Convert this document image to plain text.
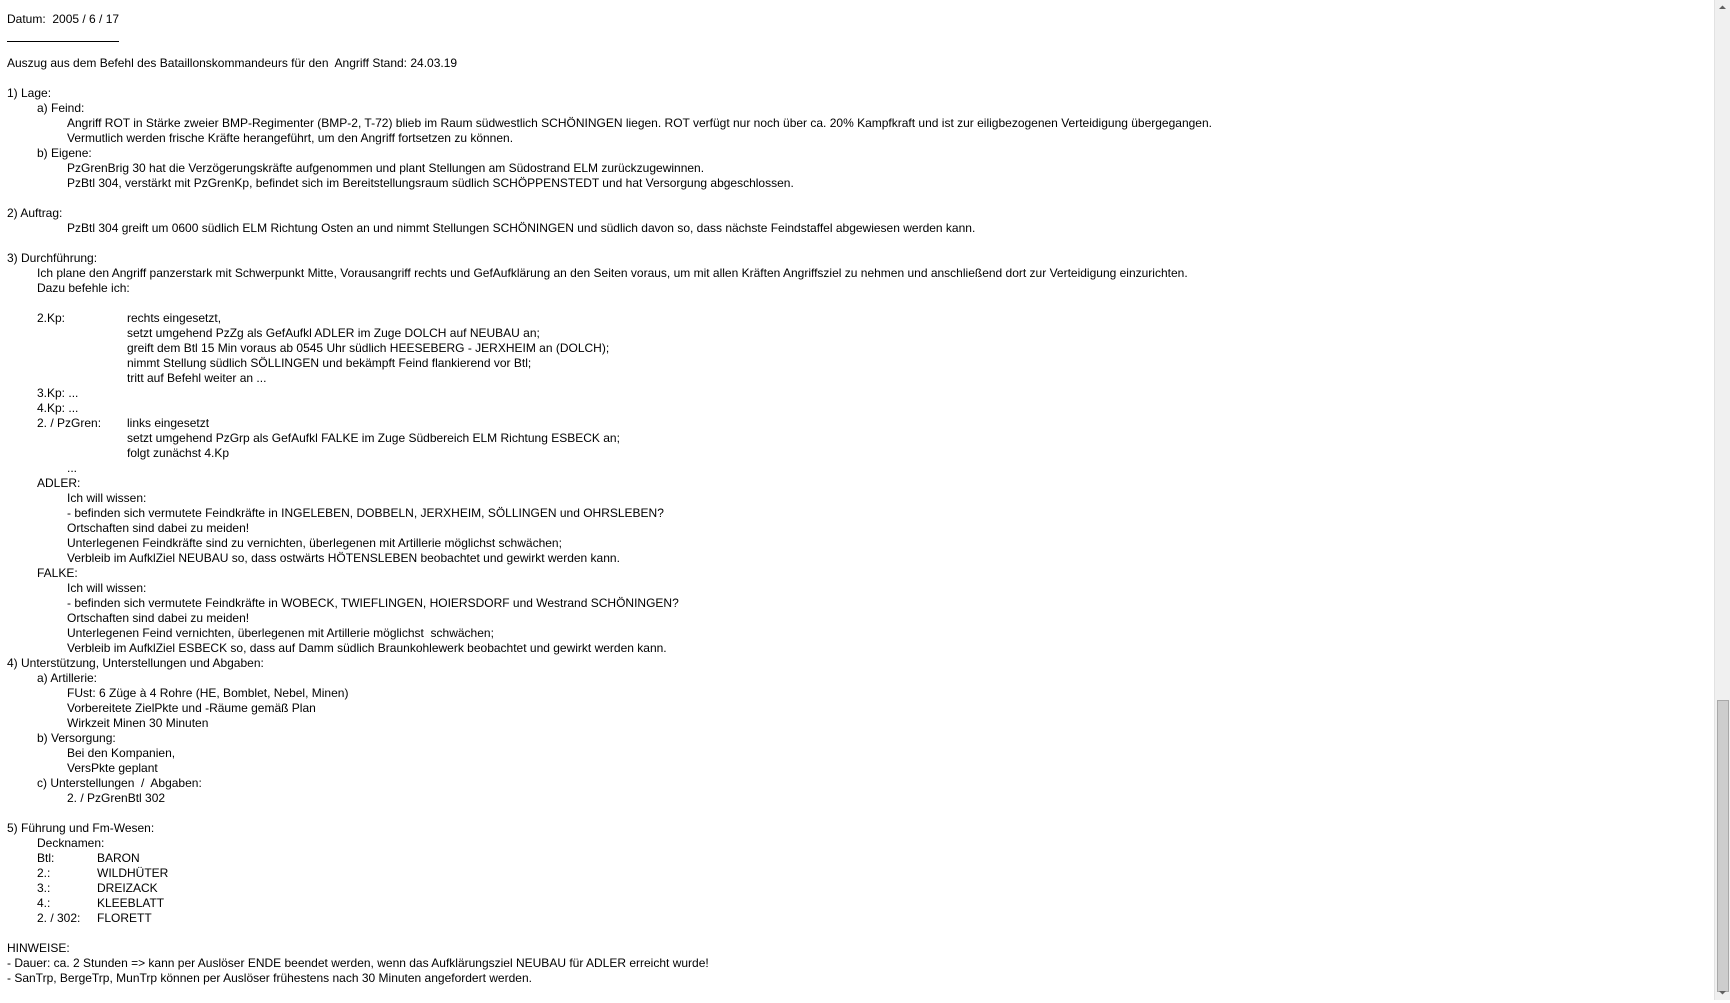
Datum:  2005 / 6 / 17
Auszug aus dem Befehl des Bataillonskommandeurs für den  Angriff Stand: 24.03.19
1) Lage:
a) Feind:
Angriff ROT in Stärke zweier BMP-Regimenter (BMP-2, T-72) blieb im Raum südwestlich SCHÖNINGEN liegen. ROT verfügt nur noch über ca. 20% Kampfkraft und ist zur eiligbezogenen Verteidigung übergegangen.
Vermutlich werden frische Kräfte herangeführt, um den Angriff fortsetzen zu können.
b) Eigene:
PzGrenBrig 30 hat die Verzögerungskräfte aufgenommen und plant Stellungen am Südostrand ELM zurückzugewinnen.
PzBtl 304, verstärkt mit PzGrenKp, befindet sich im Bereitstellungsraum südlich SCHÖPPENSTEDT und hat Versorgung abgeschlossen.
2) Auftrag:
PzBtl 304 greift um 0600 südlich ELM Richtung Osten an und nimmt Stellungen SCHÖNINGEN und südlich davon so, dass nächste Feindstaffel abgewiesen werden kann.
3) Durchführung:
Ich plane den Angriff panzerstark mit Schwerpunkt Mitte, Vorausangriff rechts und GefAufklärung an den Seiten voraus, um mit allen Kräften Angriffsziel zu nehmen und anschließend dort zur Verteidigung einzurichten.
Dazu befehle ich:
2.Kp:	rechts eingesetzt,
setzt umgehend PzZg als GefAufkl ADLER im Zuge DOLCH auf NEUBAU an;
greift dem Btl 15 Min voraus ab 0545 Uhr südlich HEESEBERG - JERXHEIM an (DOLCH);
nimmt Stellung südlich SÖLLINGEN und bekämpft Feind flankierend vor Btl;
tritt auf Befehl weiter an ...
3.Kp: ...
4.Kp: ...
2. / PzGren:	links eingesetzt
setzt umgehend PzGrp als GefAufkl FALKE im Zuge Südbereich ELM Richtung ESBECK an;
folgt zunächst 4.Kp
...
ADLER:
Ich will wissen:
- befinden sich vermutete Feindkräfte in INGELEBEN, DOBBELN, JERXHEIM, SÖLLINGEN und OHRSLEBEN?
Ortschaften sind dabei zu meiden!
Unterlegenen Feindkräfte sind zu vernichten, überlegenen mit Artillerie möglichst schwächen;
Verbleib im AufklZiel NEUBAU so, dass ostwärts HÖTENSLEBEN beobachtet und gewirkt werden kann.
FALKE:
Ich will wissen:
- befinden sich vermutete Feindkräfte in WOBECK, TWIEFLINGEN, HOIERSDORF und Westrand SCHÖNINGEN?
Ortschaften sind dabei zu meiden!
Unterlegenen Feind vernichten, überlegenen mit Artillerie möglichst  schwächen;
Verbleib im AufklZiel ESBECK so, dass auf Damm südlich Braunkohlewerk beobachtet und gewirkt werden kann.
4) Unterstützung, Unterstellungen und Abgaben:
a) Artillerie:
FUst: 6 Züge à 4 Rohre (HE, Bomblet, Nebel, Minen)
Vorbereitete ZielPkte und -Räume gemäß Plan
Wirkzeit Minen 30 Minuten
b) Versorgung:
Bei den Kompanien,
VersPkte geplant
c) Unterstellungen  /  Abgaben:
2. / PzGrenBtl 302
5) Führung und Fm-Wesen:
Decknamen:
Btl:	BARON
2.:	WILDHÜTER
3.:	DREIZACK
4.:	KLEEBLATT
2. / 302:	FLORETT
HINWEISE:
- Dauer: ca. 2 Stunden => kann per Auslöser ENDE beendet werden, wenn das Aufklärungsziel NEUBAU für ADLER erreicht wurde!
- SanTrp, BergeTrp, MunTrp können per Auslöser frühestens nach 30 Minuten angefordert werden.
